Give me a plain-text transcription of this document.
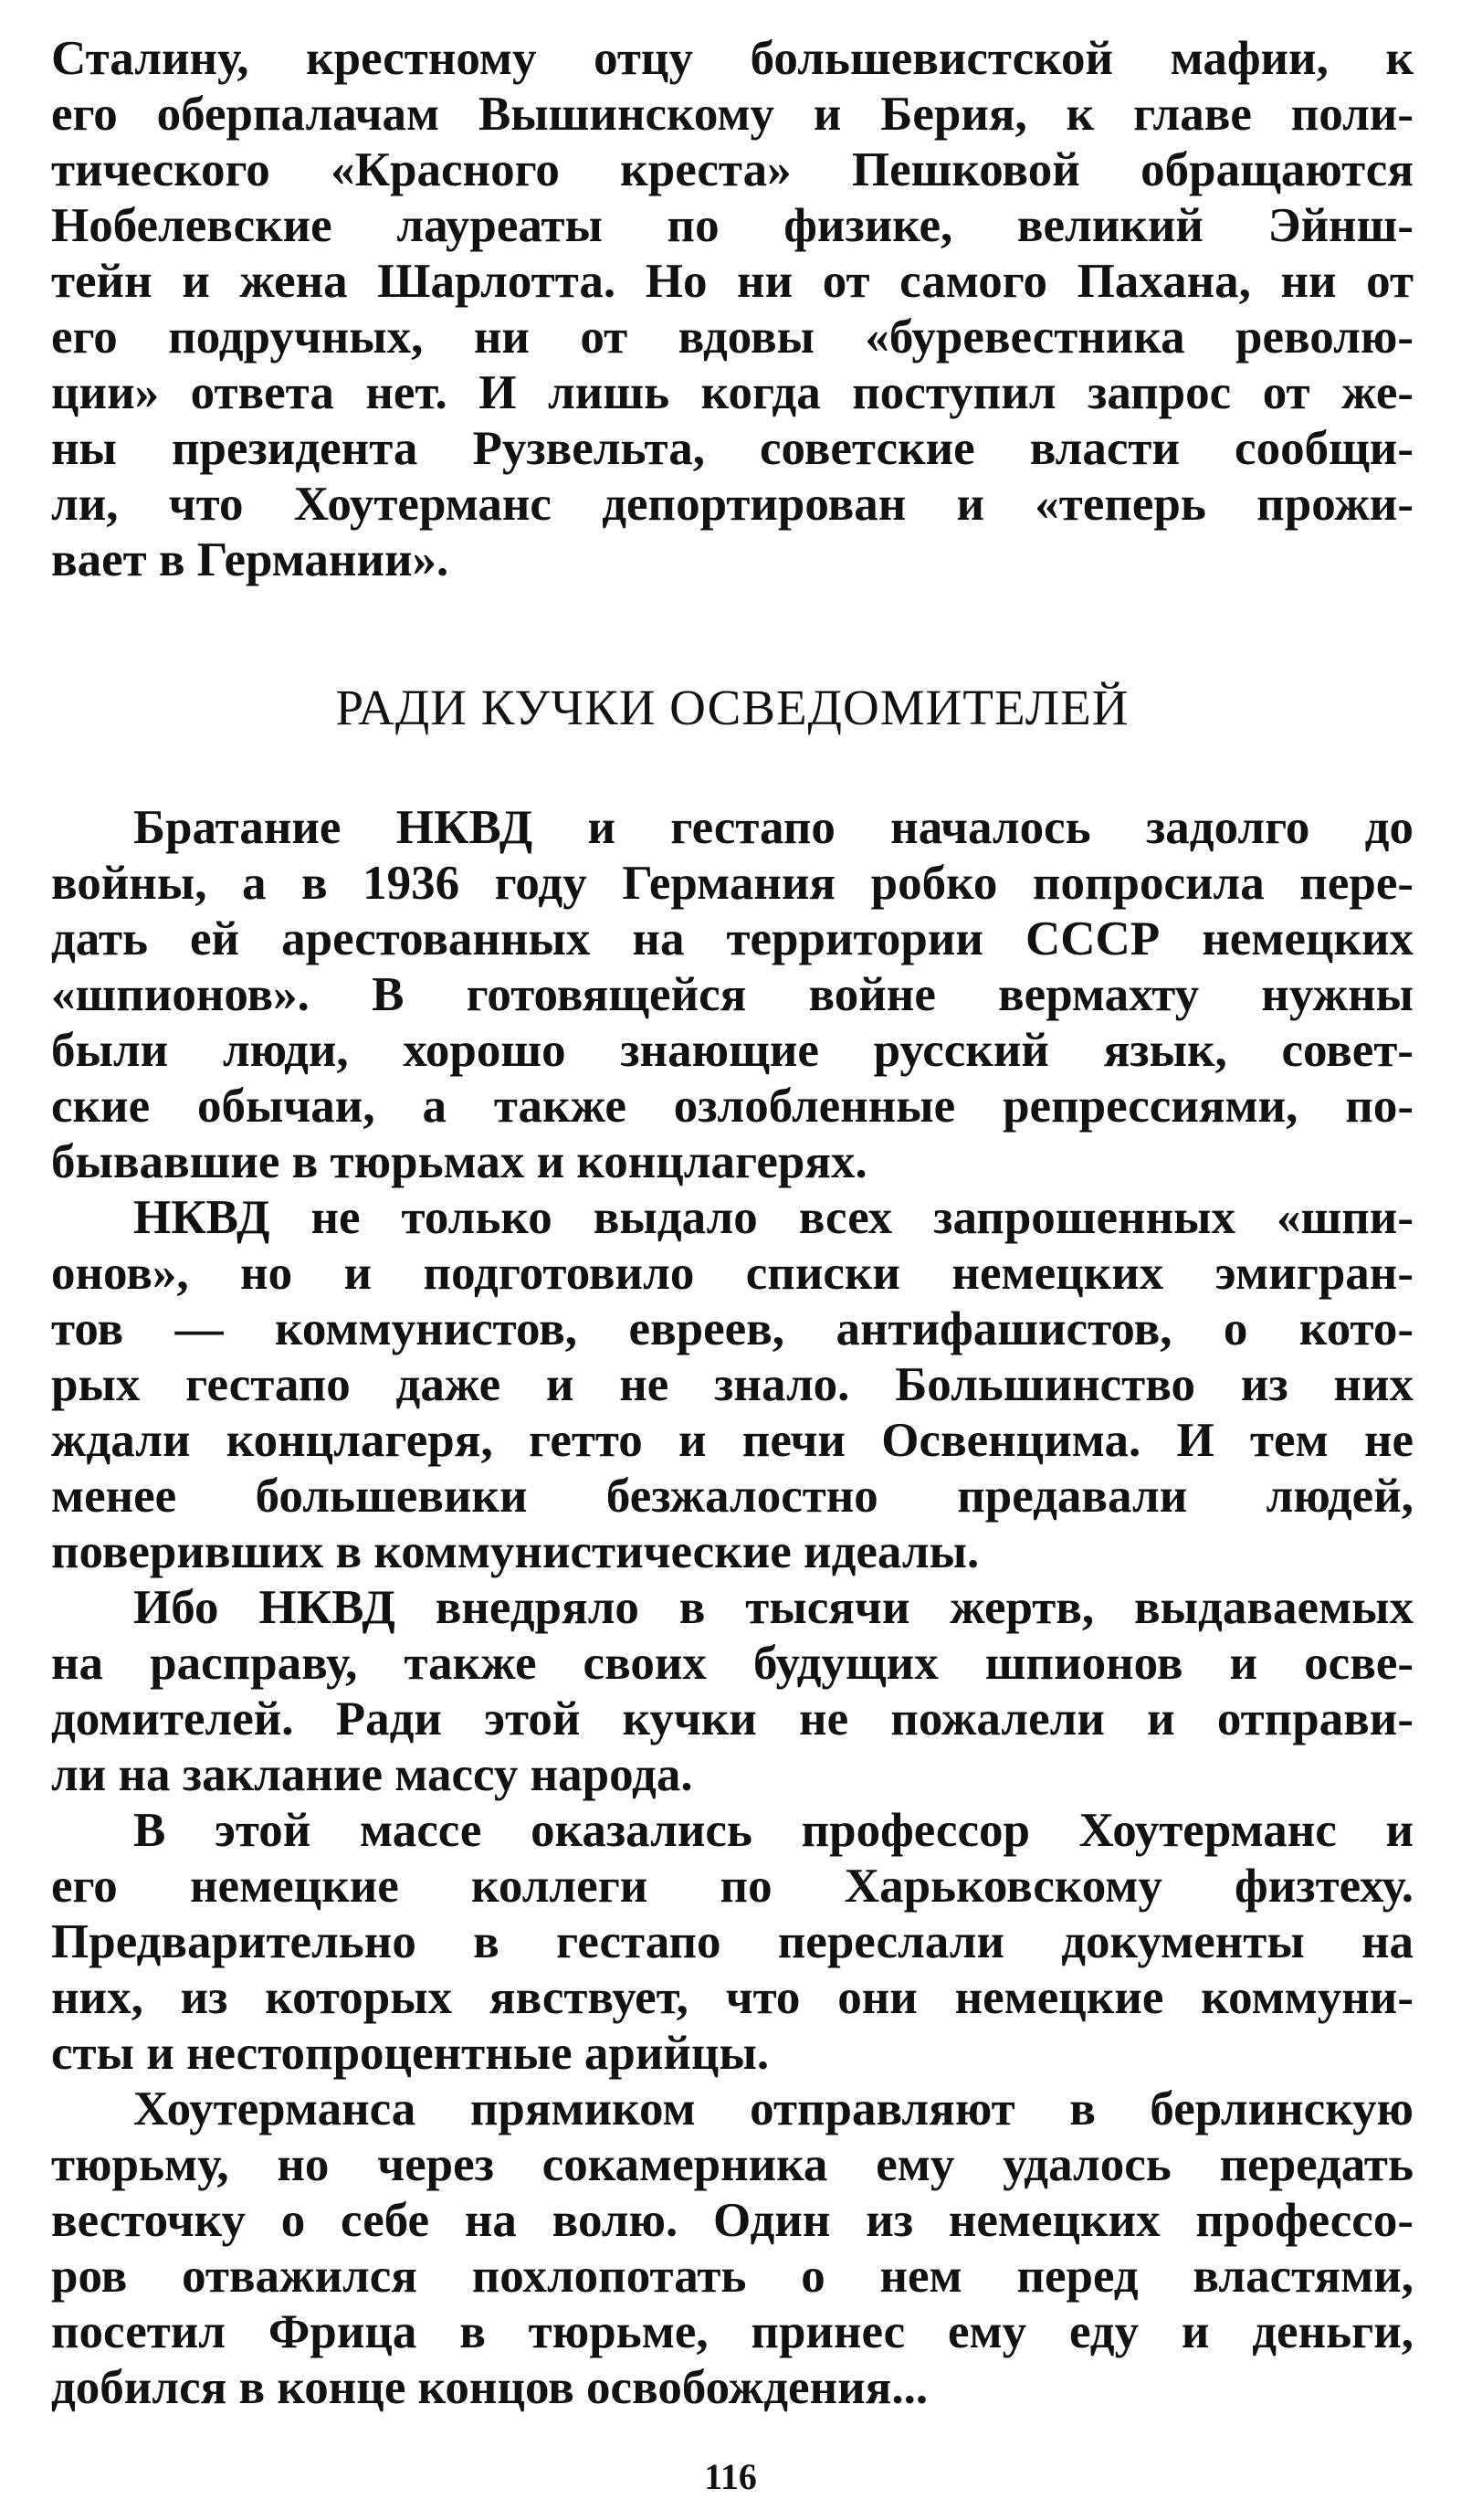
Сталину, крестному отцу большевистской мафии, к
его оберпалачам Вышинскому и Берия, к главе поли-
тического «Красного креста» Пешковой обращаются
Нобелевские лауреаты по физике, великий Эйнш-
тейн и жена Шарлотта. Но ни от самого Пахана, ни от
его подручных, ни от вдовы «буревестника револю-
ции» ответа нет. И лишь когда поступил запрос от же-
ны президента Рузвельта, советские власти сообщи-
ли, что Хоутерманс депортирован и «теперь прожи-
вает в Германии».
РАДИ КУЧКИ ОСВЕДОМИТЕЛЕЙ
Братание НКВД и гестапо началось задолго до
войны, а в 1936 году Германия робко попросила пере-
дать ей арестованных на территории СССР немецких
«шпионов». В готовящейся войне вермахту нужны
были люди, хорошо знающие русский язык, совет-
ские обычаи, а также озлобленные репрессиями, по-
бывавшие в тюрьмах и концлагерях.
НКВД не только выдало всех запрошенных «шпи-
онов», но и подготовило списки немецких эмигран-
тов — коммунистов, евреев, антифашистов, о кото-
рых гестапо даже и не знало. Большинство из них
ждали концлагеря, гетто и печи Освенцима. И тем не
менее большевики безжалостно предавали людей,
поверивших в коммунистические идеалы.
Ибо НКВД внедряло в тысячи жертв, выдаваемых
на расправу, также своих будущих шпионов и осве-
домителей. Ради этой кучки не пожалели и отправи-
ли на заклание массу народа.
В этой массе оказались профессор Хоутерманс и
его немецкие коллеги по Харьковскому физтеху.
Предварительно в гестапо переслали документы на
них, из которых явствует, что они немецкие коммуни-
сты и нестопроцентные арийцы.
Хоутерманса прямиком отправляют в берлинскую
тюрьму, но через сокамерника ему удалось передать
весточку о себе на волю. Один из немецких профессо-
ров отважился похлопотать о нем перед властями,
посетил Фрица в тюрьме, принес ему еду и деньги,
добился в конце концов освобождения...
116
